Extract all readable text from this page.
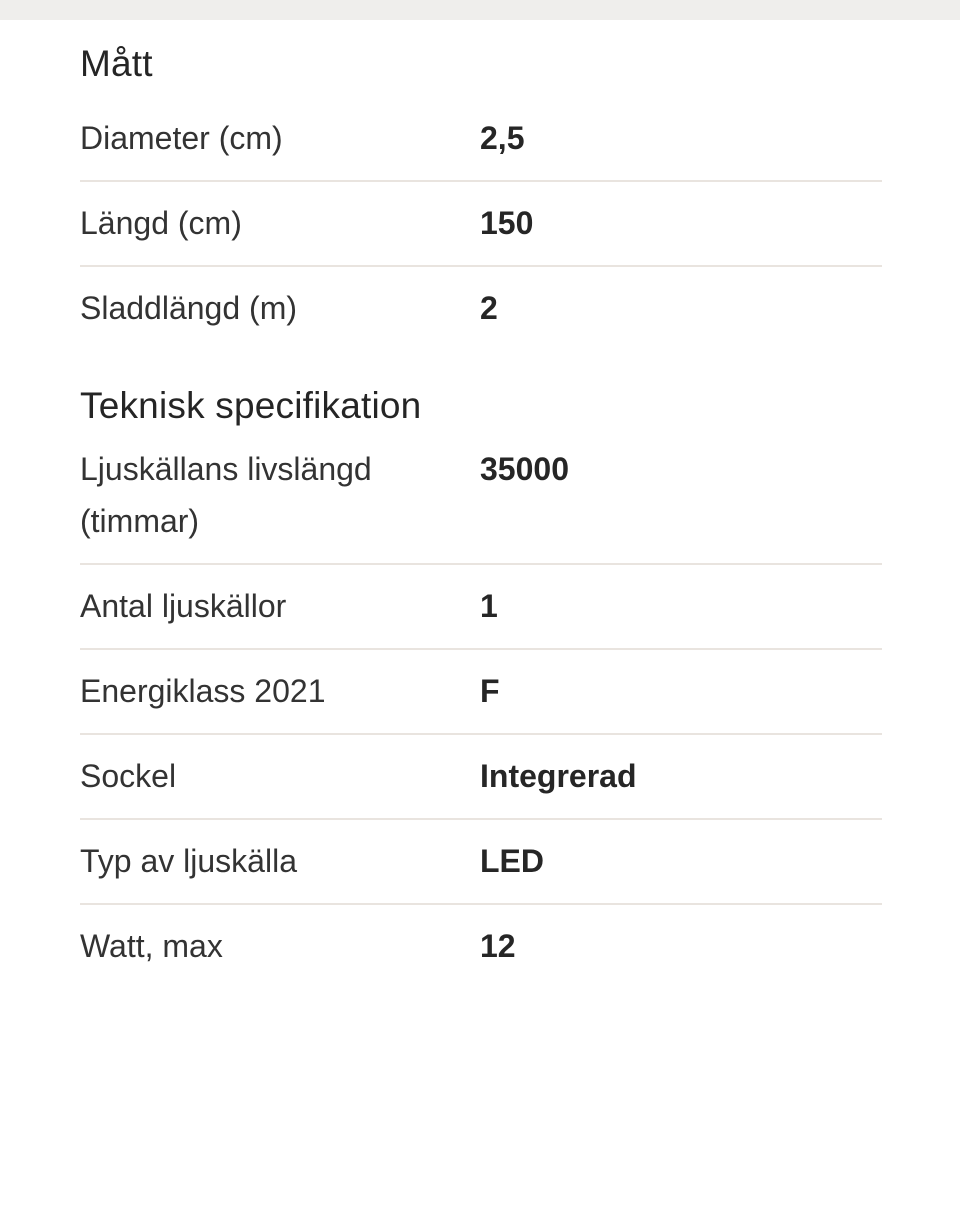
Mått
Diameter (cm)	2,5
Längd (cm)	150
Sladdlängd (m)	2
Teknisk specifikation
Ljuskällans livslängd (timmar)	35000
Antal ljuskällor	1
Energiklass 2021	F
Sockel	Integrerad
Typ av ljuskälla	LED
Watt, max	12
